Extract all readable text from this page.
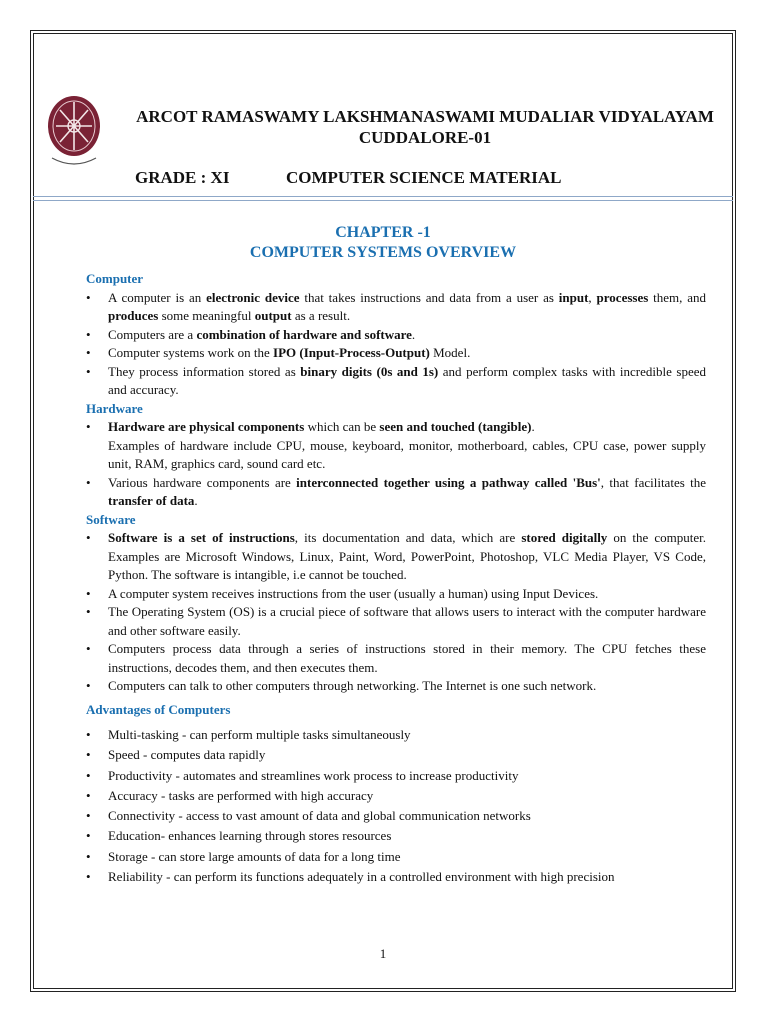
ARCOT RAMASWAMY LAKSHMANASWAMI MUDALIAR VIDYALAYAM
CUDDALORE-01
GRADE : XI	COMPUTER SCIENCE MATERIAL
CHAPTER -1
COMPUTER SYSTEMS OVERVIEW
Computer
• A computer is an electronic device that takes instructions and data from a user as input, processes them, and produces some meaningful output as a result.
• Computers are a combination of hardware and software.
• Computer systems work on the IPO (Input-Process-Output) Model.
• They process information stored as binary digits (0s and 1s) and perform complex tasks with incredible speed and accuracy.
Hardware
• Hardware are physical components which can be seen and touched (tangible).
Examples of hardware include CPU, mouse, keyboard, monitor, motherboard, cables, CPU case, power supply unit, RAM, graphics card, sound card etc.
• Various hardware components are interconnected together using a pathway called 'Bus', that facilitates the transfer of data.
Software
• Software is a set of instructions, its documentation and data, which are stored digitally on the computer. Examples are Microsoft Windows, Linux, Paint, Word, PowerPoint, Photoshop, VLC Media Player, VS Code, Python. The software is intangible, i.e cannot be touched.
• A computer system receives instructions from the user (usually a human) using Input Devices.
• The Operating System (OS) is a crucial piece of software that allows users to interact with the computer hardware and other software easily.
• Computers process data through a series of instructions stored in their memory. The CPU fetches these instructions, decodes them, and then executes them.
• Computers can talk to other computers through networking. The Internet is one such network.
Advantages of Computers
• Multi-tasking - can perform multiple tasks simultaneously
• Speed - computes data rapidly
• Productivity - automates and streamlines work process to increase productivity
• Accuracy - tasks are performed with high accuracy
• Connectivity - access to vast amount of data and global communication networks
• Education- enhances learning through stores resources
• Storage - can store large amounts of data for a long time
• Reliability - can perform its functions adequately in a controlled environment with high precision
1
